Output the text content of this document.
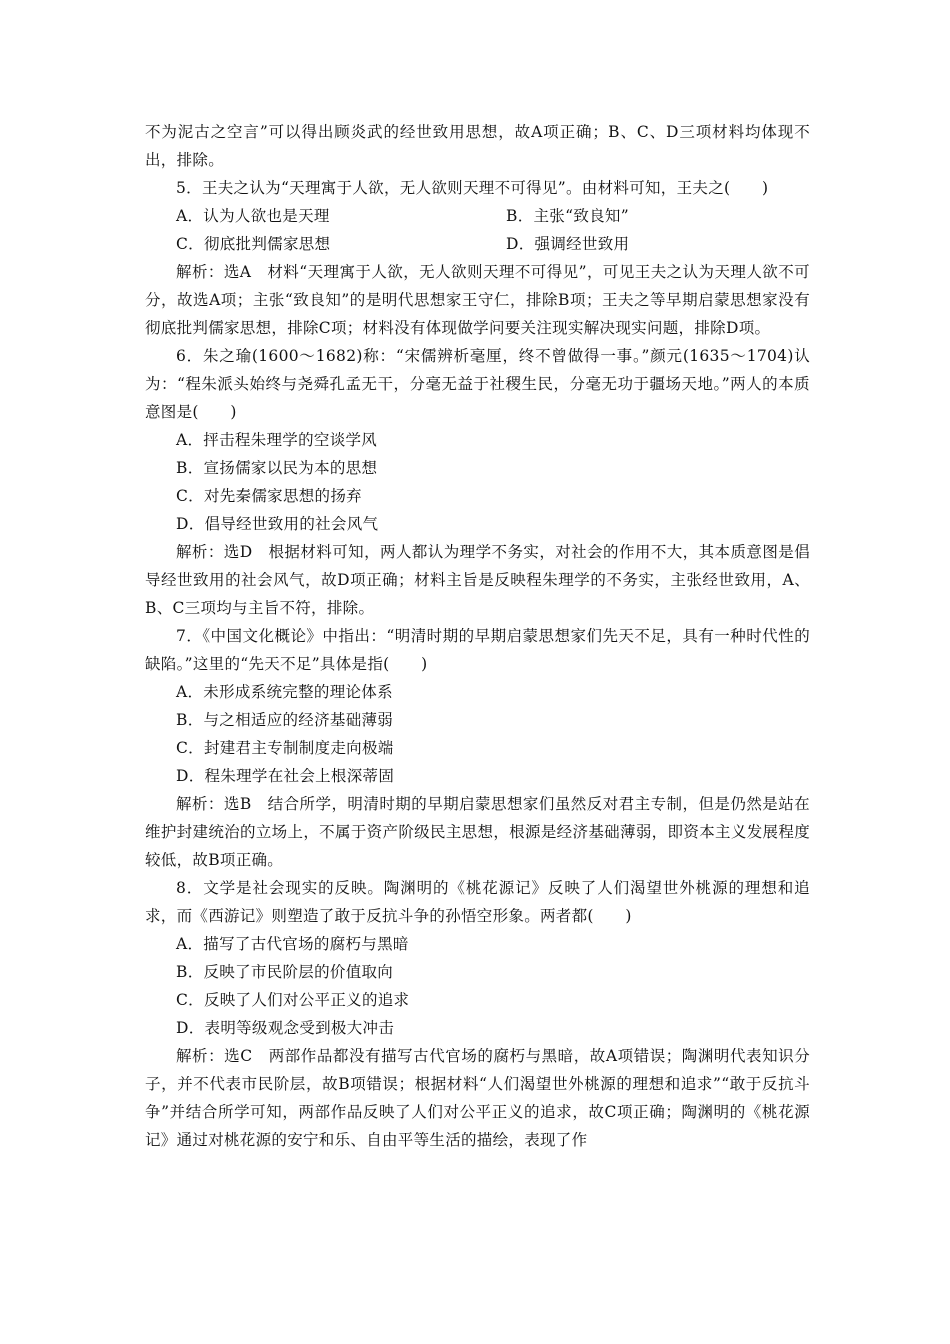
不为泥古之空言”可以得出顾炎武的经世致用思想，故A项正确；B、C、D三项材料均体现不出，排除。

5．王夫之认为“天理寓于人欲，无人欲则天理不可得见”。由材料可知，王夫之(　　)

A．认为人欲也是天理	B．主张“致良知”

C．彻底批判儒家思想	D．强调经世致用

解析：选A　材料“天理寓于人欲，无人欲则天理不可得见”，可见王夫之认为天理人欲不可分，故选A项；主张“致良知”的是明代思想家王守仁，排除B项；王夫之等早期启蒙思想家没有彻底批判儒家思想，排除C项；材料没有体现做学问要关注现实解决现实问题，排除D项。

6．朱之瑜(1600～1682)称：“宋儒辨析毫厘，终不曾做得一事。”颜元(1635～1704)认为：“程朱派头始终与尧舜孔孟无干，分毫无益于社稷生民，分毫无功于疆场天地。”两人的本质意图是(　　)

A．抨击程朱理学的空谈学风

B．宣扬儒家以民为本的思想

C．对先秦儒家思想的扬弃

D．倡导经世致用的社会风气

解析：选D　根据材料可知，两人都认为理学不务实，对社会的作用不大，其本质意图是倡导经世致用的社会风气，故D项正确；材料主旨是反映程朱理学的不务实，主张经世致用，A、B、C三项均与主旨不符，排除。

7．《中国文化概论》中指出：“明清时期的早期启蒙思想家们先天不足，具有一种时代性的缺陷。”这里的“先天不足”具体是指(　　)

A．未形成系统完整的理论体系

B．与之相适应的经济基础薄弱

C．封建君主专制制度走向极端

D．程朱理学在社会上根深蒂固

解析：选B　结合所学，明清时期的早期启蒙思想家们虽然反对君主专制，但是仍然是站在维护封建统治的立场上，不属于资产阶级民主思想，根源是经济基础薄弱，即资本主义发展程度较低，故B项正确。

8．文学是社会现实的反映。陶渊明的《桃花源记》反映了人们渴望世外桃源的理想和追求，而《西游记》则塑造了敢于反抗斗争的孙悟空形象。两者都(　　)

A．描写了古代官场的腐朽与黑暗

B．反映了市民阶层的价值取向

C．反映了人们对公平正义的追求

D．表明等级观念受到极大冲击

解析：选C　两部作品都没有描写古代官场的腐朽与黑暗，故A项错误；陶渊明代表知识分子，并不代表市民阶层，故B项错误；根据材料“人们渴望世外桃源的理想和追求”“敢于反抗斗争”并结合所学可知，两部作品反映了人们对公平正义的追求，故C项正确；陶渊明的《桃花源记》通过对桃花源的安宁和乐、自由平等生活的描绘，表现了作
